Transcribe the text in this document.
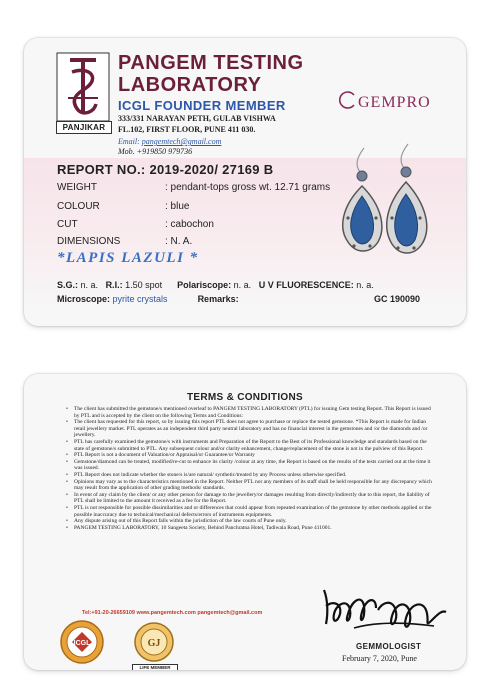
PANJIKAR
PANGEM TESTING
LABORATORY
ICGL FOUNDER MEMBER
333/331 NARAYAN PETH, GULAB VISHWA
FL.102, FIRST FLOOR, PUNE 411 030.
Email: pangemtech@gmail.com
Mob. +919850 979736
GEMPRO
REPORT NO.: 2019-2020/ 27169 B
WEIGHT	: pendant-tops gross wt. 12.71 grams
COLOUR	: blue
CUT	: cabochon
DIMENSIONS	: N. A.
*LAPIS LAZULI *
S.G.: n. a. R.I.: 1.50 spot Polariscope: n. a. U V FLUORESCENCE: n. a.
Microscope: pyrite crystals	Remarks:	GC 190090
TERMS & CONDITIONS
• The client has submitted the gemstone/s mentioned overleaf to PANGEM TESTING LABORATORY (PTL) for issuing Gem testing Report. This Report is issued by PTL and is accepted by the client on the following Terms and Conditions:
• The client has requested for this report, so by issuing this report PTL does not agree to purchase or replace the tested gemstone. *This Report is made for Indian retail jewellery market. PTL operates as an independent third party neutral laboratory and has no financial interest in the gemstones and /or the diamonds and /or jewellery.
• PTL has carefully examined the gemstone/s with instruments and Preparation of the Report to the Best of its Professional knowledge and standards based on the state of gemstone/s submitted to PTL. Any subsequent colour and/or clarity enhancement, change/replacement of the stone is not in the pulview of this Report.
• PTL Report is not a document of Valuation/or Appraisal/or Guarantee/or Warranty
• Gemstone/diamond can be treated, modified/re-cut to enhance its clarity /colour at any time, the Report is based on the results of the tests carried out at the time it was issued.
• PTL Report does not indicate whether the stone/s is/are natural/ synthetic/treated by any Process unless otherwise specified.
• Opinions may vary as to the characteristics mentioned in the Report. Neither PTL nor any members of its staff shall be held responsible for any discrepancy which may result from the application of other grading methods/ standards.
• In event of any claim by the client/ or any other person for damage to the jewellery/or damages resulting from directly/indirectly due to this report, the liability of PTL shall be limited to the amount it received as a fee for the Report.
• PTL is not responsible for possible dissimilarities and or differences that could appear from repeated examination of the gemstone by other methods applied or the possible inaccuracy due to technical/mechanical defects/errors of instruments equipments.
• Any dispute arising out of this Report falls within the jurisdiction of the law courts of Pune only.
• PANGEM TESTING LABORATORY, 10 Sangeeta Society, Behind Panchratna Hotel, Tadiwala Road, Pune 411001.
Tel:+91-20-26659109 www.pangemtech.com pangemtech@gmail.com
ICGL	GJ
LIFE MEMBER
GEMMOLOGIST
February 7, 2020, Pune
